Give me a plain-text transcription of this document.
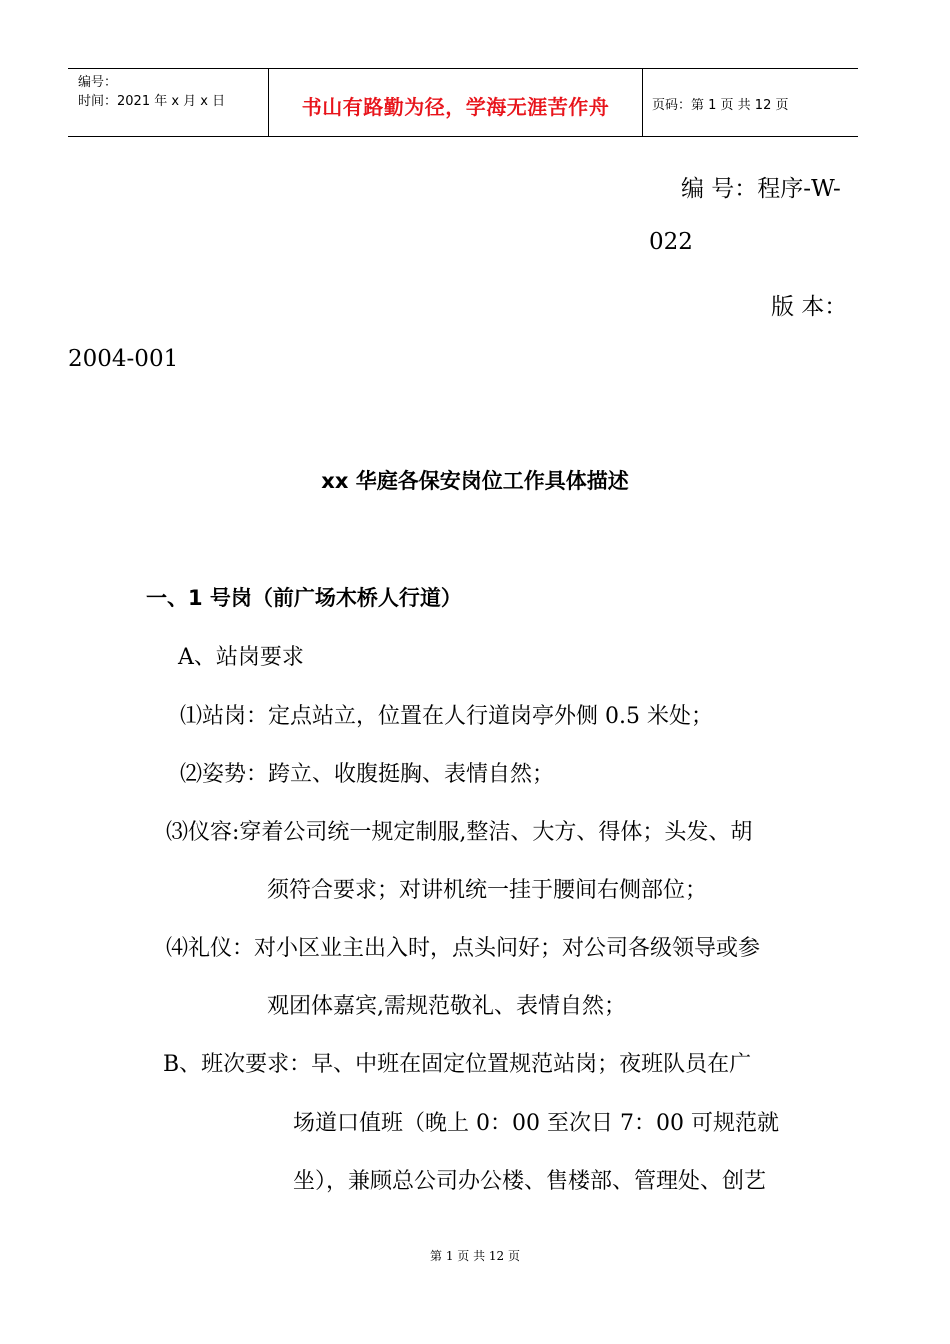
编号：
时间：2021 年 x 月 x 日	书山有路勤为径，学海无涯苦作舟	页码：第 1 页 共 12 页
编 号：程序-W-
022
版 本：
2004-001
xx 华庭各保安岗位工作具体描述
一、1 号岗（前广场木桥人行道）
A、站岗要求
⑴站岗：定点站立，位置在人行道岗亭外侧 0.5 米处；
⑵姿势：跨立、收腹挺胸、表情自然；
⑶仪容:穿着公司统一规定制服,整洁、大方、得体；头发、胡
须符合要求；对讲机统一挂于腰间右侧部位；
⑷礼仪：对小区业主出入时，点头问好；对公司各级领导或参
观团体嘉宾,需规范敬礼、表情自然；
B、班次要求：早、中班在固定位置规范站岗；夜班队员在广
场道口值班（晚上 0：00 至次日 7：00 可规范就
坐），兼顾总公司办公楼、售楼部、管理处、创艺
第 1 页 共 12 页
